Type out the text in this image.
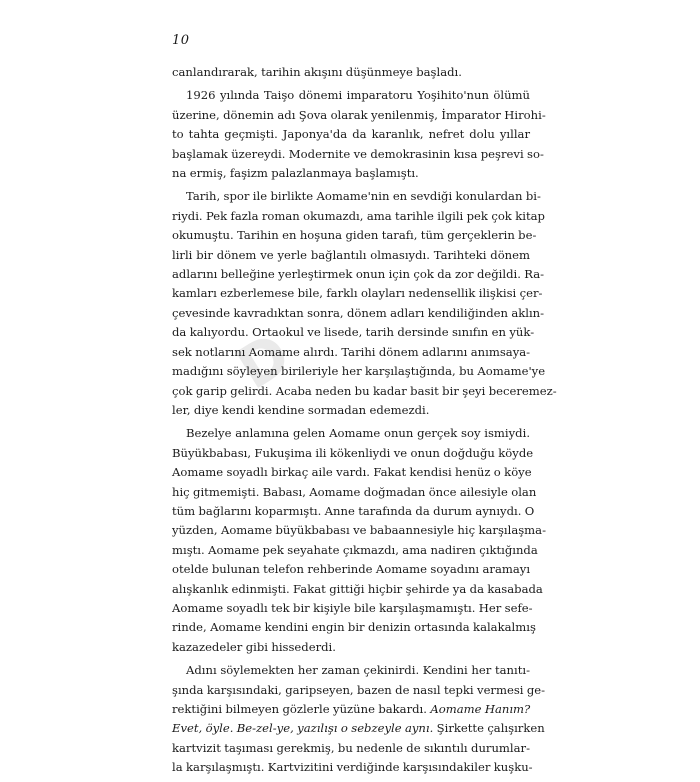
10
D
canlandırarak, tarihin akışını düşünmeye başladı.
1926 yılında Taişo dönemi imparatoru Yoşihito'nun ölümü
üzerine, dönemin adı Şova olarak yenilenmiş, İmparator Hirohi-
to tahta geçmişti. Japonya'da da karanlık, nefret dolu yıllar
başlamak üzereydi. Modernite ve demokrasinin kısa peşrevi so-
na ermiş, faşizm palazlanmaya başlamıştı.
Tarih, spor ile birlikte Aomame'nin en sevdiği konulardan bi-
riydi. Pek fazla roman okumazdı, ama tarihle ilgili pek çok kitap
okumuştu. Tarihin en hoşuna giden tarafı, tüm gerçeklerin be-
lirli bir dönem ve yerle bağlantılı olmasıydı. Tarihteki dönem
adlarını belleğine yerleştirmek onun için çok da zor değildi. Ra-
kamları ezberlemese bile, farklı olayları nedensellik ilişkisi çer-
çevesinde kavradıktan sonra, dönem adları kendiliğinden aklın-
da kalıyordu. Ortaokul ve lisede, tarih dersinde sınıfın en yük-
sek notlarını Aomame alırdı. Tarihi dönem adlarını anımsaya-
madığını söyleyen birileriyle her karşılaştığında, bu Aomame'ye
çok garip gelirdi. Acaba neden bu kadar basit bir şeyi beceremez-
ler, diye kendi kendine sormadan edemezdi.
Bezelye anlamına gelen Aomame onun gerçek soy ismiydi.
Büyükbabası, Fukuşima ili kökenliydi ve onun doğduğu köyde
Aomame soyadlı birkaç aile vardı. Fakat kendisi henüz o köye
hiç gitmemişti. Babası, Aomame doğmadan önce ailesiyle olan
tüm bağlarını koparmıştı. Anne tarafında da durum aynıydı. O
yüzden, Aomame büyükbabası ve babaannesiyle hiç karşılaşma-
mıştı. Aomame pek seyahate çıkmazdı, ama nadiren çıktığında
otelde bulunan telefon rehberinde Aomame soyadını aramayı
alışkanlık edinmişti. Fakat gittiği hiçbir şehirde ya da kasabada
Aomame soyadlı tek bir kişiyle bile karşılaşmamıştı. Her sefe-
rinde, Aomame kendini engin bir denizin ortasında kalakalmış
kazazedeler gibi hissederdi.
Adını söylemekten her zaman çekinirdi. Kendini her tanıtı-
şında karşısındaki, garipseyen, bazen de nasıl tepki vermesi ge-
rektiğini bilmeyen gözlerle yüzüne bakardı. Aomame Hanım?
Evet, öyle. Be-zel-ye, yazılışı o sebzeyle aynı. Şirkette çalışırken
kartvizit taşıması gerekmiş, bu nedenle de sıkıntılı durumlar-
la karşılaşmıştı. Kartvizitini verdiğinde karşısındakiler kuşku-
